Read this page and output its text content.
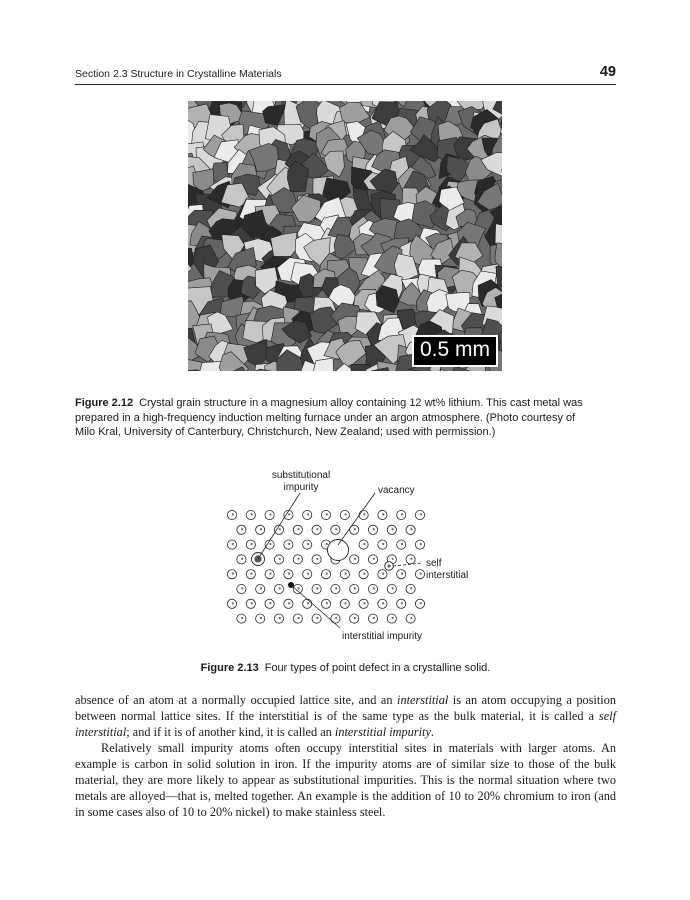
Section 2.3 Structure in Crystalline Materials	49
0.5 mm
Figure 2.12 Crystal grain structure in a magnesium alloy containing 12 wt% lithium. This cast metal was prepared in a high-frequency induction melting furnace under an argon atmosphere. (Photo courtesy of Milo Kral, University of Canterbury, Christchurch, New Zealand; used with permission.)
substitutional
impurity	vacancy
self
interstitial
interstitial impurity
Figure 2.13 Four types of point defect in a crystalline solid.

absence of an atom at a normally occupied lattice site, and an interstitial is an atom occupying a position between normal lattice sites. If the interstitial is of the same type as the bulk material, it is called a self interstitial; and if it is of another kind, it is called an interstitial impurity.

Relatively small impurity atoms often occupy interstitial sites in materials with larger atoms. An example is carbon in solid solution in iron. If the impurity atoms are of similar size to those of the bulk material, they are more likely to appear as substitutional impurities. This is the normal situation where two metals are alloyed—that is, melted together. An example is the addition of 10 to 20% chromium to iron (and in some cases also of 10 to 20% nickel) to make stainless steel.
